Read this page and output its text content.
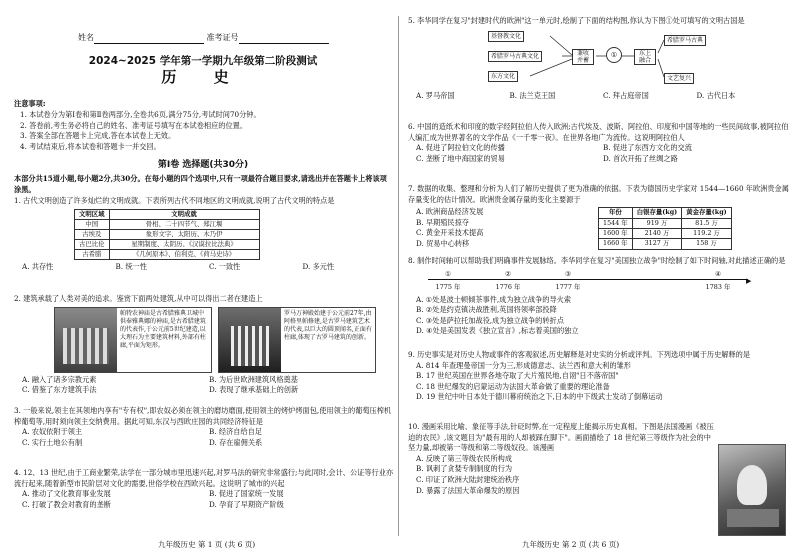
姓名	准考证号
2024~2025 学年第一学期九年级第二阶段测试
历 史
注意事项:
1. 本试卷分为第Ⅰ卷和第Ⅱ卷两部分,全卷共6页,满分75分,考试时间70分钟。
2. 答卷前,考生务必将自己的姓名、准考证号填写在本试卷相应的位置。
3. 答案全部在答题卡上完成,答在本试卷上无效。
4. 考试结束后,将本试卷和答题卡一并交回。
第Ⅰ卷 选择题(共30分)
本部分共15道小题,每小题2分,共30分。在每小题的四个选项中,只有一项最符合题目要求,请选出并在答题卡上将该项涂黑。
1. 古代文明创造了许多灿烂的文明成就。下表所列古代不同地区的文明成就,说明了古代文明的特点是
文明区域	文明成就
中国	骨相、二十四节气、郑江堰
古埃及	象形文字、太阳历、木乃伊
古巴比伦	星期制度、太阴历、《汉谟拉比法典》
古希腊	《几何原本》、伯利克、《荷马史诗》
A. 共存性	B. 统一性	C. 一致性	D. 多元性
2. 建筑承载了人类对美的追求。鉴赏下面两处建筑,从中可以得出二者在建造上
帕特农神庙是古希腊雅典卫城中供奉雅典娜的神庙,是古希腊建筑的代表作,于公元前5世纪建造,以大理石为主要建筑材料,外部有柱廊,平面为矩形。
罗马万神殿始建于公元前27年,由阿格里帕修建,是古罗马建筑艺术的代表,以巨大的圆顶闻名,正面有柱廊,体现了古罗马建筑的创新。
A. 融入了诸多宗教元素	B. 为后世欧洲建筑风格奠基
C. 借鉴了东方建筑手法	D. 表现了继承基础上的创新
3. 一般来说,领主在其领地内享有"专有权",即农奴必须在领主的磨坊磨面,使用领主的烤炉烤面包,使用领主的葡萄压榨机榨葡萄等,用时须向领主交纳费用。据此可知,东汉与西欧庄园的共同经济特征是
A. 农奴依附于领主	B. 经济自给自足
C. 实行土地公有制	D. 存在雇佣关系
4. 12、13 世纪,由于工商业繁荣,法学在一部分城市里迅速兴起,对罗马法的研究非常盛行;与此同时,会计、公证等行业亦流行起来,随着新型市民阶层对文化的需要,世俗学校在西欧兴起。这说明了城市的兴起
A. 推动了文化教育事业发展	B. 促进了国家统一发展
C. 打破了教会对教育的垄断	D. 孕育了早期资产阶级
九年级历史 第 1 页 (共 6 页)
5. 李华同学在复习"封建时代的欧洲"这一单元时,绘制了下面的结构图,你认为下图①处可填写的文明古国是
基督教文化
希腊罗马古典文化
东方文化
兼收并蓄
①	东上融合
希腊罗马古典
文艺复兴
A. 罗马帝国	B. 法兰克王国	C. 拜占庭帝国	D. 古代日本
6. 中国的造纸术和印度的数字经阿拉伯人传入欧洲;古代埃及、波斯、阿拉伯、印度和中国等地的一些民间故事,被阿拉伯人编汇成为世界著名的文学作品《一千零一夜》。在世界各地广为流传。这说明阿拉伯人
A. 促进了阿拉伯文化的传播	B. 促进了东西方文化的交流
C. 垄断了地中海国家的贸易	D. 首次开拓了丝绸之路
7. 数据的收集、整理和分析为人们了解历史提供了更为准确的依据。下表为德国历史学家对 1544—1660 年欧洲贵金属存量变化的估计情况。欧洲贵金属存量的变化主要源于
A. 欧洲商品经济发展
B. 早期殖民掠夺
C. 黄金开采技术提高
D. 贸易中心转移
年份	白银存量(kg)	黄金存量(kg)
1544 年	919 万	81.5 万
1600 年	2140 万	119.2 万
1660 年	3127 万	158 万
8. 制作时间轴可以帮助我们明确事件发展脉络。李华同学在复习"美国独立战争"时绘制了如下时间轴,对此描述正确的是
▶
①	②	③	④
1775 年	1776 年	1777 年	1783 年
A. ①处是波士顿倾茶事件,成为独立战争的导火索
B. ②处是约克镇决战胜利,英国将领率部投降
C. ③处是萨拉托加战役,成为独立战争的转折点
D. ④处是美国发表《独立宣言》,标志着美国的独立
9. 历史事实是对历史人物或事件的客观叙述,历史解释是对史实的分析或评判。下列选项中属于历史解释的是
A. 814 年查理曼帝国一分为三,形成德意志、法兰西和意大利的雏形
B. 17 世纪英国在世界各地夺取了大片殖民地,自诩"日不落帝国"
C. 18 世纪爆发的启蒙运动为法国大革命做了重要的理论准备
D. 19 世纪中叶日本处于德川幕府统治之下,日本的中下级武士发动了倒幕运动
10. 漫画采用比喻、象征等手法,针砭时弊,在一定程度上能揭示历史真相。下图是法国漫画《被压迫的农民》,该文题目为"最有用的人却被踩在脚下"。画面描绘了 18 世纪第三等级作为社会的中坚力量,却被第一等级和第二等级奴役。该漫画
A. 反映了第三等级农民所构成
B. 讽刺了贪婪专制制度的行为
C. 印证了欧洲大陆封建统治秩序
D. 暴露了法国大革命爆发的原因
九年级历史 第 2 页 (共 6 页)
